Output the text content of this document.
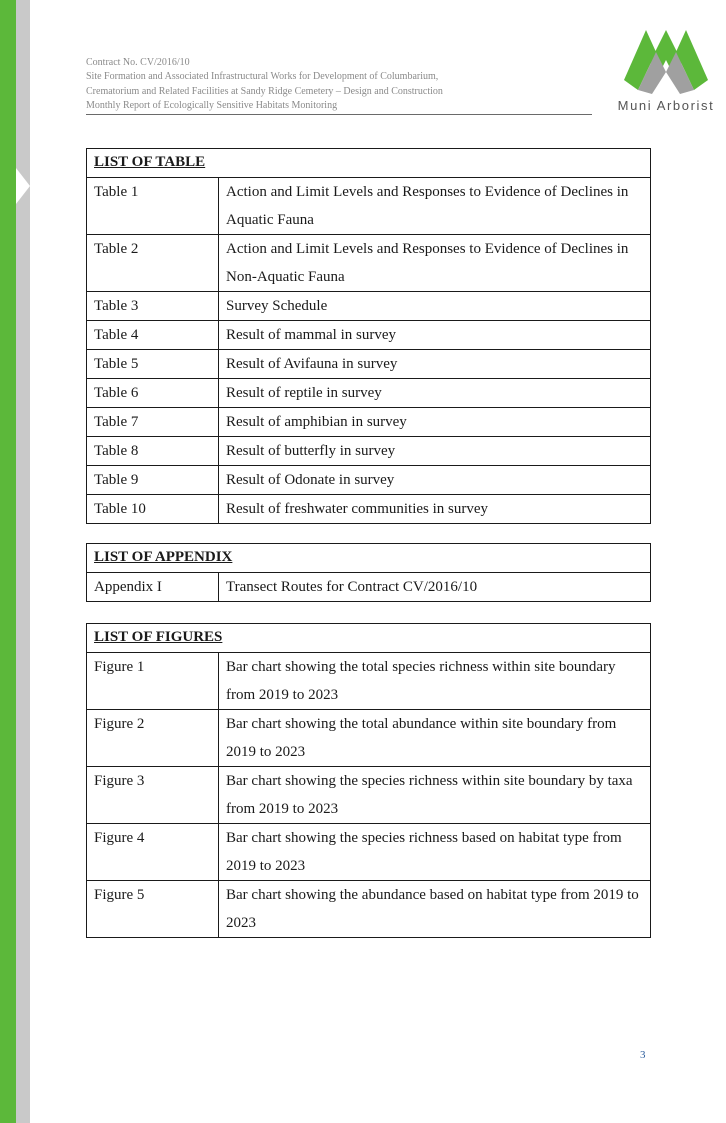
Contract No. CV/2016/10
Site Formation and Associated Infrastructural Works for Development of Columbarium,
Crematorium and Related Facilities at Sandy Ridge Cemetery – Design and Construction
Monthly Report of Ecologically Sensitive Habitats Monitoring	Muni Arborist
LIST OF TABLE	
Table 1	Action and Limit Levels and Responses to Evidence of Declines in Aquatic Fauna
Table 2	Action and Limit Levels and Responses to Evidence of Declines in Non-Aquatic Fauna
Table 3	Survey Schedule
Table 4	Result of mammal in survey
Table 5	Result of Avifauna in survey
Table 6	Result of reptile in survey
Table 7	Result of amphibian in survey
Table 8	Result of butterfly in survey
Table 9	Result of Odonate in survey
Table 10	Result of freshwater communities in survey
LIST OF APPENDIX
Appendix I	Transect Routes for Contract CV/2016/10
LIST OF FIGURES	
Figure 1	Bar chart showing the total species richness within site boundary from 2019 to 2023
Figure 2	Bar chart showing the total abundance within site boundary from 2019 to 2023
Figure 3	Bar chart showing the species richness within site boundary by taxa from 2019 to 2023
Figure 4	Bar chart showing the species richness based on habitat type from 2019 to 2023
Figure 5	Bar chart showing the abundance based on habitat type from 2019 to 2023
3
